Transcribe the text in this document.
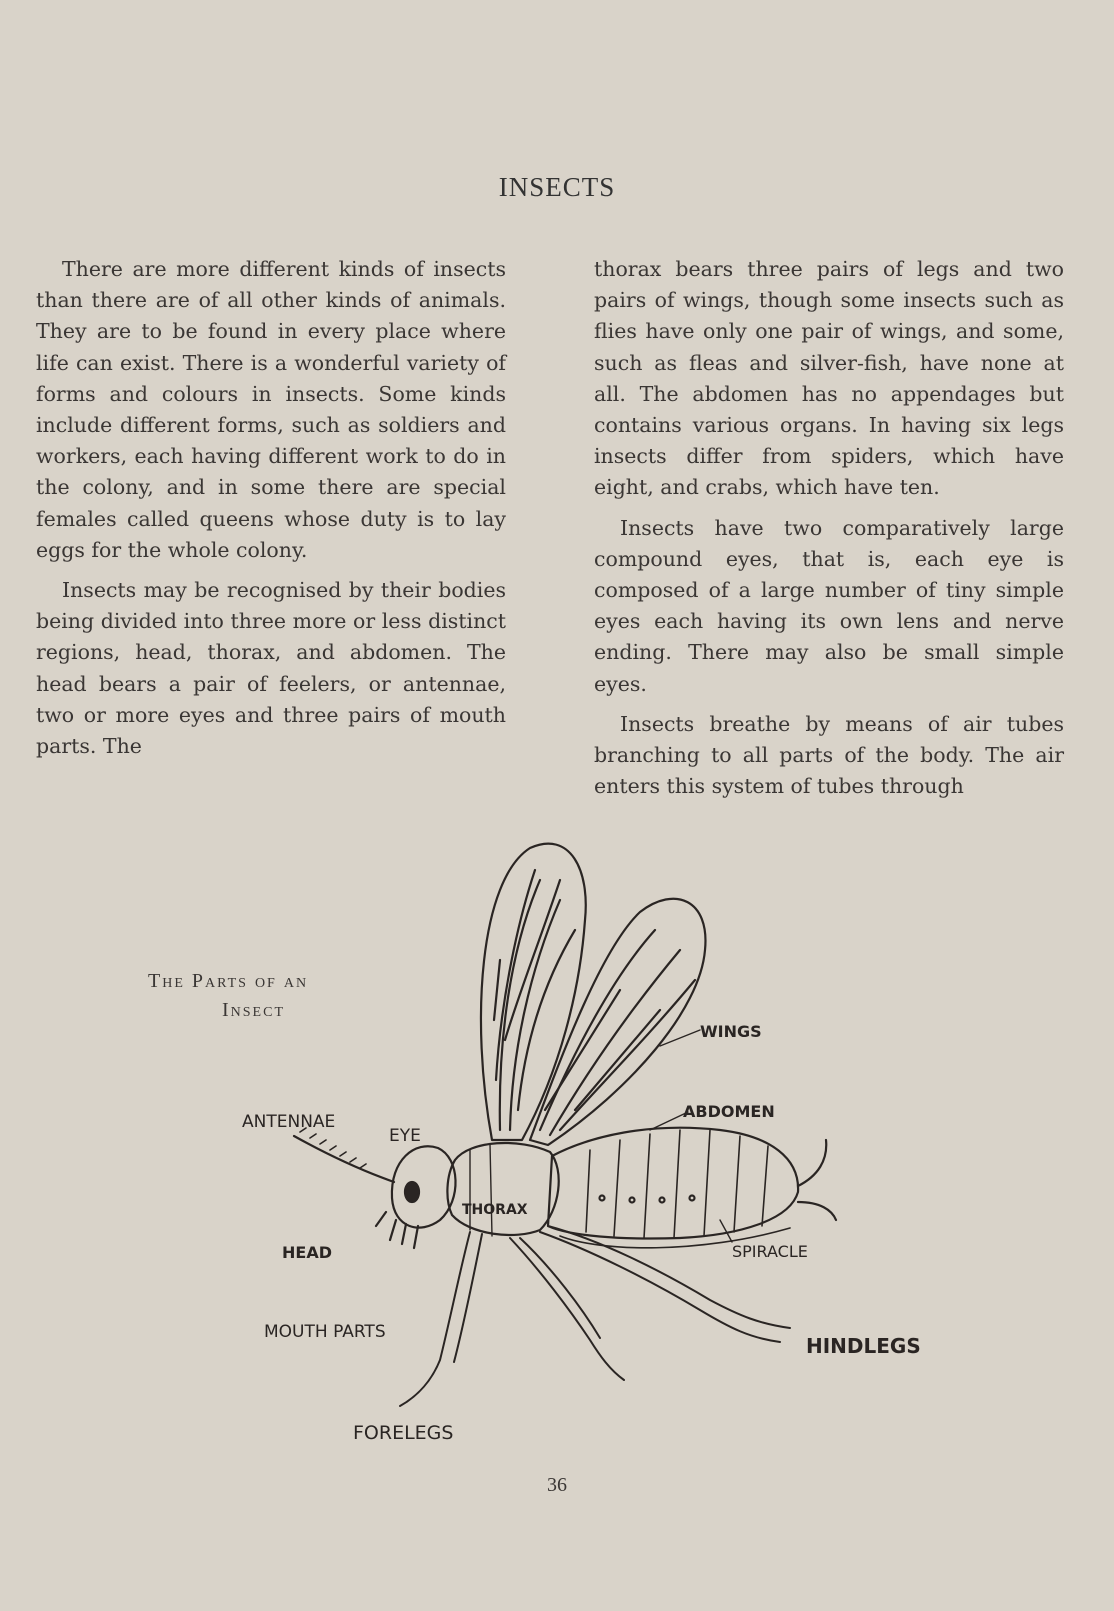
INSECTS

There are more different kinds of insects than there are of all other kinds of animals. They are to be found in every place where life can exist. There is a wonderful variety of forms and colours in insects. Some kinds include different forms, such as soldiers and workers, each having different work to do in the colony, and in some there are special females called queens whose duty is to lay eggs for the whole colony.

Insects may be recognised by their bodies being divided into three more or less distinct regions, head, thorax, and abdomen. The head bears a pair of feelers, or antennae, two or more eyes and three pairs of mouth parts. The

thorax bears three pairs of legs and two pairs of wings, though some insects such as flies have only one pair of wings, and some, such as fleas and silver-fish, have none at all. The abdomen has no appendages but contains various organs. In having six legs insects differ from spiders, which have eight, and crabs, which have ten.

Insects have two comparatively large compound eyes, that is, each eye is composed of a large number of tiny simple eyes each having its own lens and nerve ending. There may also be small simple eyes.

Insects breathe by means of air tubes branching to all parts of the body. The air enters this system of tubes through

The Parts of an
Insect
WINGS
ABDOMEN
ANTENNAE
EYE
THORAX
HEAD	SPIRACLE
MOUTH PARTS
HINDLEGS
FORELEGS
36
